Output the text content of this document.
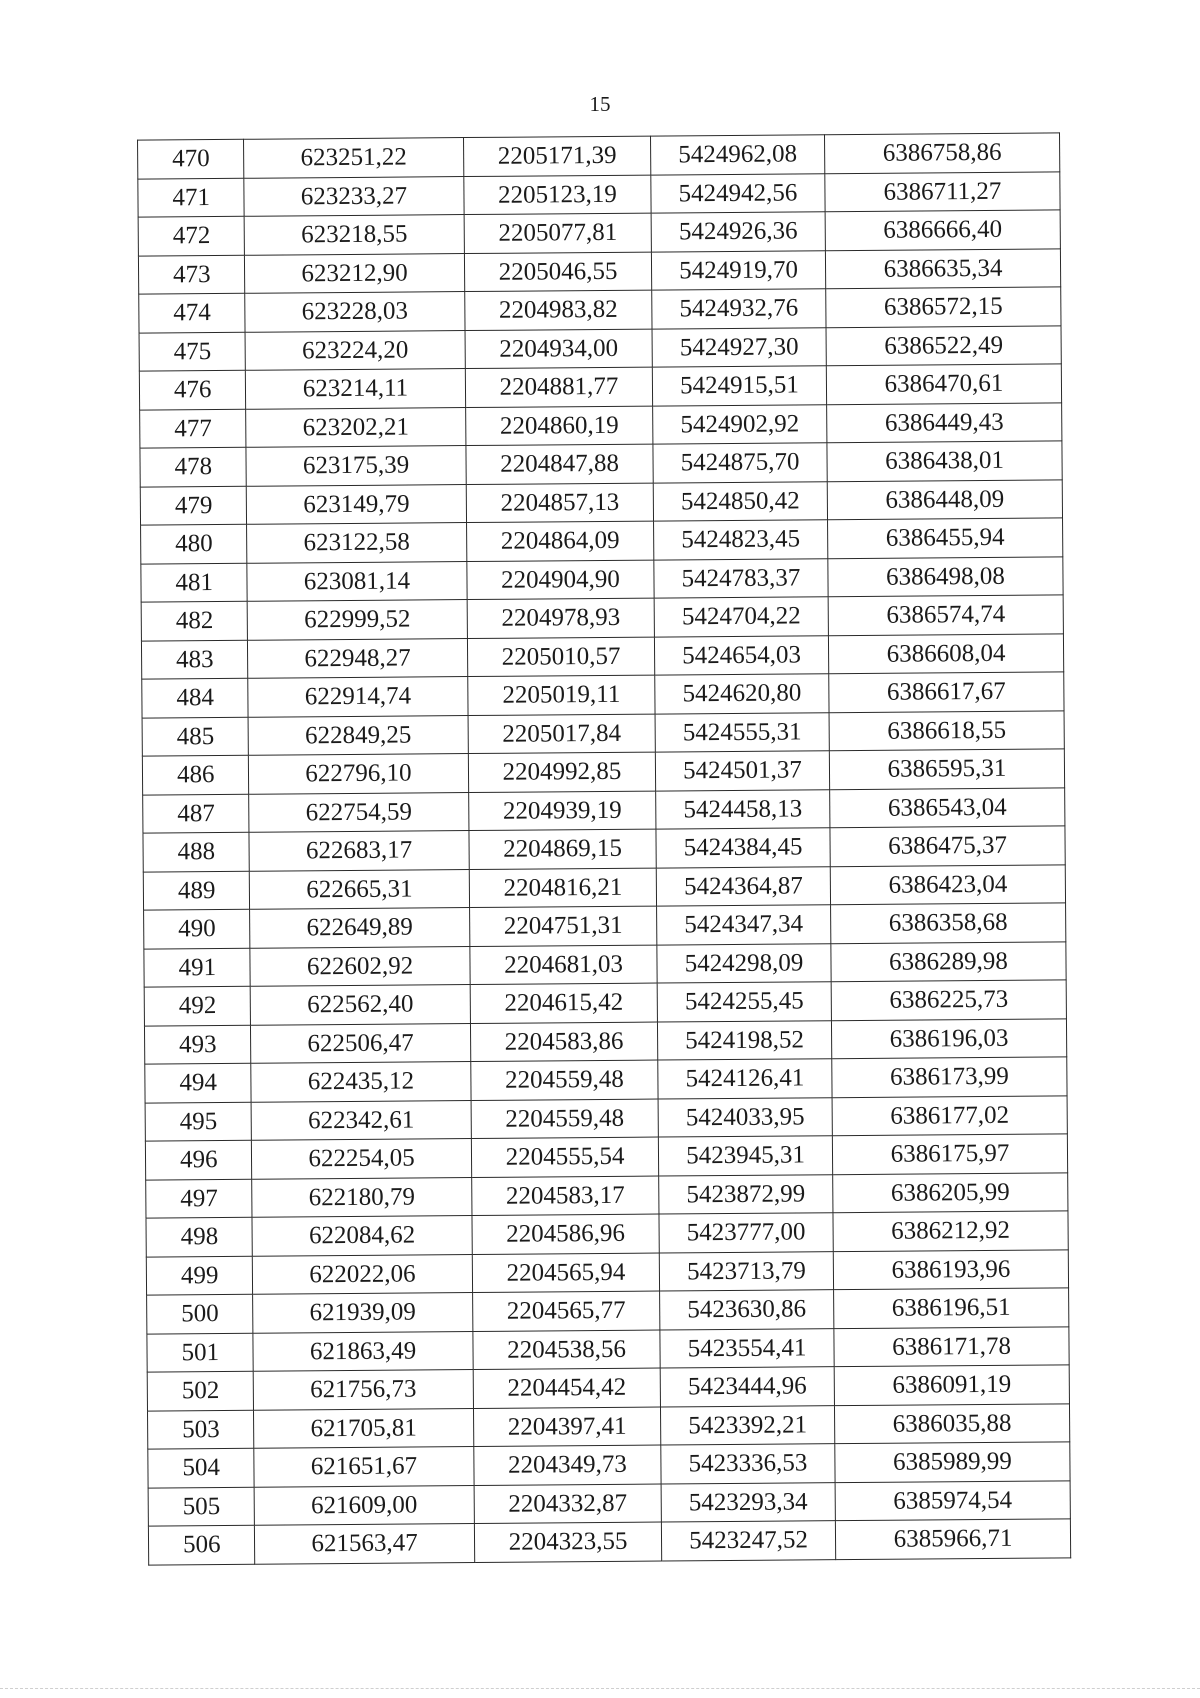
15
470	623251,22	2205171,39	5424962,08	6386758,86
471	623233,27	2205123,19	5424942,56	6386711,27
472	623218,55	2205077,81	5424926,36	6386666,40
473	623212,90	2205046,55	5424919,70	6386635,34
474	623228,03	2204983,82	5424932,76	6386572,15
475	623224,20	2204934,00	5424927,30	6386522,49
476	623214,11	2204881,77	5424915,51	6386470,61
477	623202,21	2204860,19	5424902,92	6386449,43
478	623175,39	2204847,88	5424875,70	6386438,01
479	623149,79	2204857,13	5424850,42	6386448,09
480	623122,58	2204864,09	5424823,45	6386455,94
481	623081,14	2204904,90	5424783,37	6386498,08
482	622999,52	2204978,93	5424704,22	6386574,74
483	622948,27	2205010,57	5424654,03	6386608,04
484	622914,74	2205019,11	5424620,80	6386617,67
485	622849,25	2205017,84	5424555,31	6386618,55
486	622796,10	2204992,85	5424501,37	6386595,31
487	622754,59	2204939,19	5424458,13	6386543,04
488	622683,17	2204869,15	5424384,45	6386475,37
489	622665,31	2204816,21	5424364,87	6386423,04
490	622649,89	2204751,31	5424347,34	6386358,68
491	622602,92	2204681,03	5424298,09	6386289,98
492	622562,40	2204615,42	5424255,45	6386225,73
493	622506,47	2204583,86	5424198,52	6386196,03
494	622435,12	2204559,48	5424126,41	6386173,99
495	622342,61	2204559,48	5424033,95	6386177,02
496	622254,05	2204555,54	5423945,31	6386175,97
497	622180,79	2204583,17	5423872,99	6386205,99
498	622084,62	2204586,96	5423777,00	6386212,92
499	622022,06	2204565,94	5423713,79	6386193,96
500	621939,09	2204565,77	5423630,86	6386196,51
501	621863,49	2204538,56	5423554,41	6386171,78
502	621756,73	2204454,42	5423444,96	6386091,19
503	621705,81	2204397,41	5423392,21	6386035,88
504	621651,67	2204349,73	5423336,53	6385989,99
505	621609,00	2204332,87	5423293,34	6385974,54
506	621563,47	2204323,55	5423247,52	6385966,71
